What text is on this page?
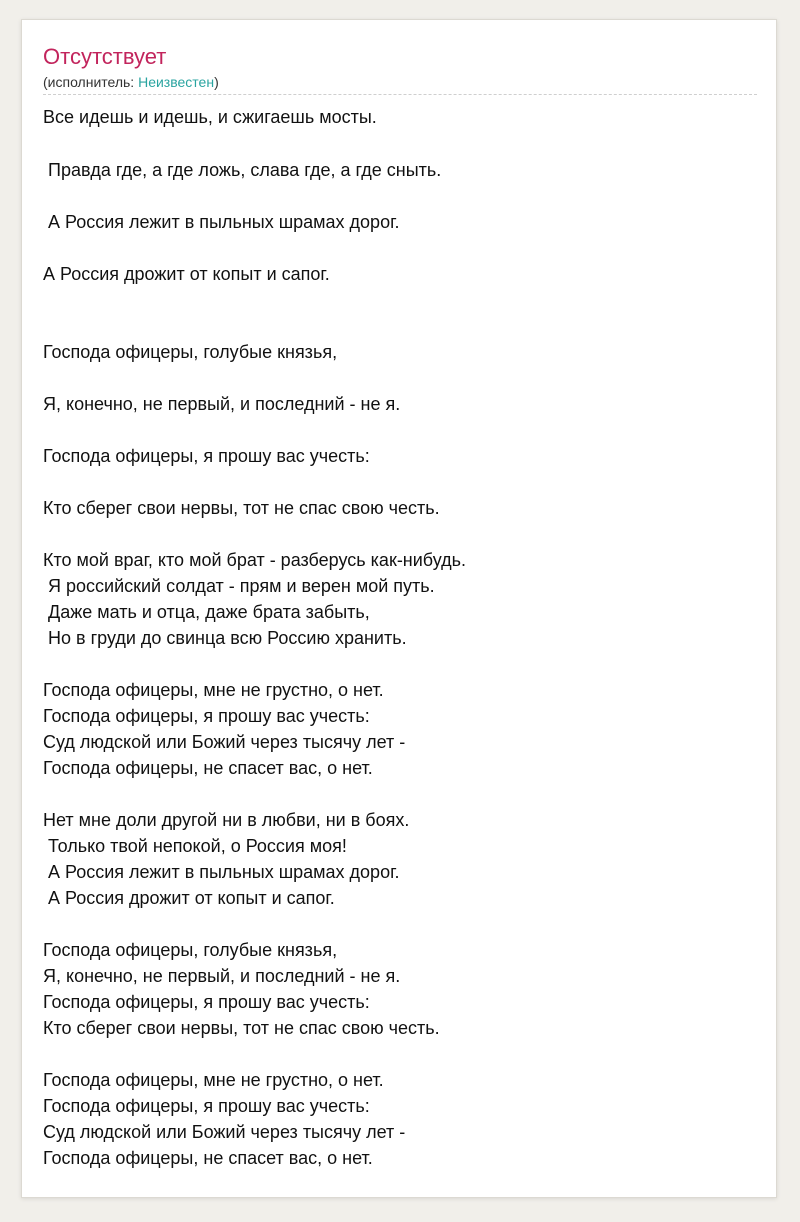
Отсутствует
(исполнитель: Неизвестен)
Все идешь и идешь, и сжигаешь мосты.
Правда где, а где ложь, слава где, а где сныть.
А Россия лежит в пыльных шрамах дорог.
А Россия дрожит от копыт и сапог.
Господа офицеры, голубые князья,
Я, конечно, не первый, и последний - не я.
Господа офицеры, я прошу вас учесть:
Кто сберег свои нервы, тот не спас свою честь.
Кто мой враг, кто мой брат - разберусь как-нибудь.
Я российский солдат - прям и верен мой путь.
Даже мать и отца, даже брата забыть,
Но в груди до свинца всю Россию хранить.
Господа офицеры, мне не грустно, о нет.
Господа офицеры, я прошу вас учесть:
Суд людской или Божий через тысячу лет -
Господа офицеры, не спасет вас, о нет.
Нет мне доли другой ни в любви, ни в боях.
Только твой непокой, о Россия моя!
А Россия лежит в пыльных шрамах дорог.
А Россия дрожит от копыт и сапог.
Господа офицеры, голубые князья,
Я, конечно, не первый, и последний - не я.
Господа офицеры, я прошу вас учесть:
Кто сберег свои нервы, тот не спас свою честь.
Господа офицеры, мне не грустно, о нет.
Господа офицеры, я прошу вас учесть:
Суд людской или Божий через тысячу лет -
Господа офицеры, не спасет вас, о нет.
